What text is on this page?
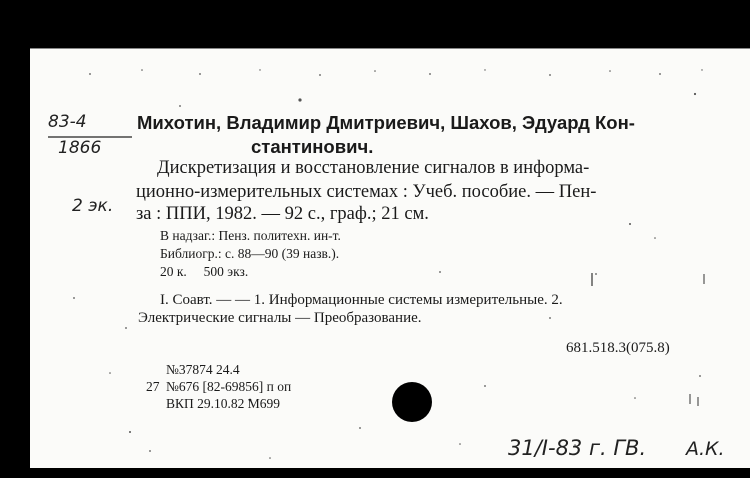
83-4
1866
2 эк.
Михотин, Владимир Дмитриевич, Шахов, Эдуард Кон-
стантинович.
Дискретизация и восстановление сигналов в информа-
ционно-измерительных системах : Учеб. пособие. — Пен-
за : ППИ, 1982. — 92 с., граф.; 21 см.
В надзаг.: Пенз. политехн. ин-т.
Библиогр.: с. 88—90 (39 назв.).
20 к.     500 экз.
I. Соавт. — — 1. Информационные системы измерительные. 2.
Электрические сигналы — Преобразование.
681.518.3(075.8)
№37874 24.4
27 №676 [82-69856] п оп
ВКП 29.10.82 М699
31/I-83 г. ГВ. А.К.
